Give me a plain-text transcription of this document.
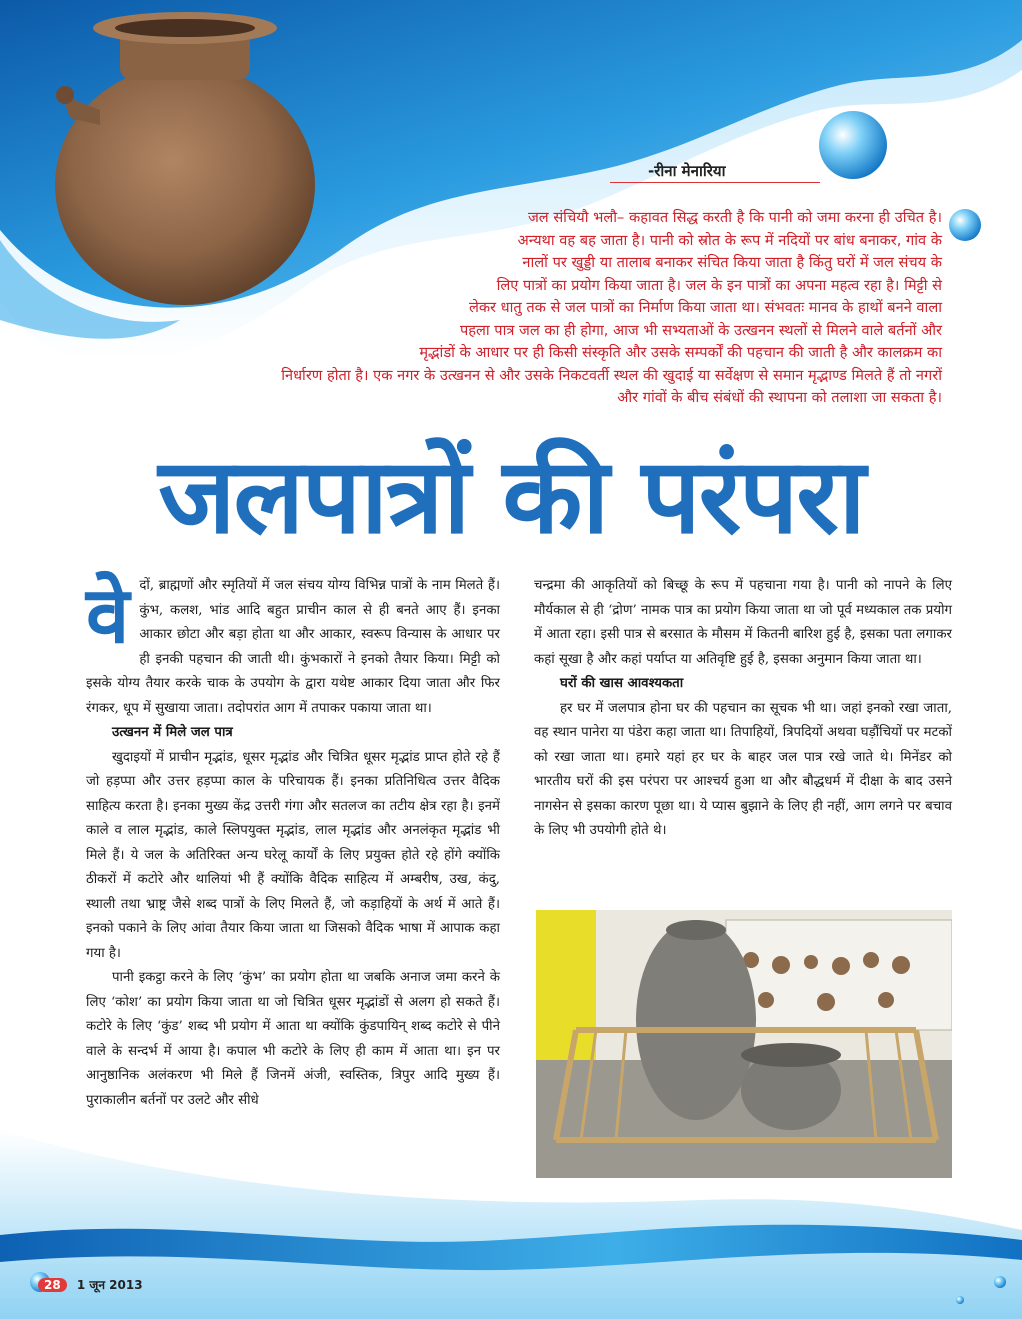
-रीना मेनारिया
जल संचियौ भलौ– कहावत सिद्ध करती है कि पानी को जमा करना ही उचित है।
अन्यथा वह बह जाता है। पानी को स्रोत के रूप में नदियों पर बांध बनाकर, गांव के
नालों पर खुड्डी या तालाब बनाकर संचित किया जाता है किंतु घरों में जल संचय के
लिए पात्रों का प्रयोग किया जाता है। जल के इन पात्रों का अपना महत्व रहा है। मिट्टी से
लेकर धातु तक से जल पात्रों का निर्माण किया जाता था। संभवतः मानव के हाथों बनने वाला
पहला पात्र जल का ही होगा, आज भी सभ्यताओं के उत्खनन स्थलों से मिलने वाले बर्तनों और
मृद्भांडों के आधार पर ही किसी संस्कृति और उसके सम्पर्कों की पहचान की जाती है और कालक्रम का
निर्धारण होता है। एक नगर के उत्खनन से और उसके निकटवर्ती स्थल की खुदाई या सर्वेक्षण से समान मृद्भाण्ड मिलते हैं तो नगरों
और गांवों के बीच संबंधों की स्थापना को तलाशा जा सकता है।
जलपात्रों की परंपरा
वे दों, ब्राह्मणों और स्मृतियों में जल संचय योग्य विभिन्न पात्रों के नाम मिलते हैं। कुंभ, कलश, भांड आदि बहुत प्राचीन काल से ही बनते आए हैं। इनका आकार छोटा और बड़ा होता था और आकार, स्वरूप विन्यास के आधार पर ही इनकी पहचान की जाती थी। कुंभकारों ने इनको तैयार किया। मिट्टी को इसके योग्य तैयार करके चाक के उपयोग के द्वारा यथेष्ट आकार दिया जाता और फिर रंगकर, धूप में सुखाया जाता। तदोपरांत आग में तपाकर पकाया जाता था।

उत्खनन में मिले जल पात्र

खुदाइयों में प्राचीन मृद्भांड, धूसर मृद्भांड और चित्रित धूसर मृद्भांड प्राप्त होते रहे हैं जो हड़प्पा और उत्तर हड़प्पा काल के परिचायक हैं। इनका प्रतिनिधित्व उत्तर वैदिक साहित्य करता है। इनका मुख्य केंद्र उत्तरी गंगा और सतलज का तटीय क्षेत्र रहा है। इनमें काले व लाल मृद्भांड, काले स्लिपयुक्त मृद्भांड, लाल मृद्भांड और अनलंकृत मृद्भांड भी मिले हैं। ये जल के अतिरिक्त अन्य घरेलू कार्यों के लिए प्रयुक्त होते रहे होंगे क्योंकि ठीकरों में कटोरे और थालियां भी हैं क्योंकि वैदिक साहित्य में अम्बरीष, उख, कंदु, स्थाली तथा भ्राष्ट्र जैसे शब्द पात्रों के लिए मिलते हैं, जो कड़ाहियों के अर्थ में आते हैं। इनको पकाने के लिए आंवा तैयार किया जाता था जिसको वैदिक भाषा में आपाक कहा गया है।

पानी इकट्ठा करने के लिए ‘कुंभ’ का प्रयोग होता था जबकि अनाज जमा करने के लिए ‘कोश’ का प्रयोग किया जाता था जो चित्रित धूसर मृद्भांडों से अलग हो सकते हैं। कटोरे के लिए ‘कुंड’ शब्द भी प्रयोग में आता था क्योंकि कुंडपायिन् शब्द कटोरे से पीने वाले के सन्दर्भ में आया है। कपाल भी कटोरे के लिए ही काम में आता था। इन पर आनुष्ठानिक अलंकरण भी मिले हैं जिनमें अंजी, स्वस्तिक, त्रिपुर आदि मुख्य हैं। पुराकालीन बर्तनों पर उलटे और सीधे

चन्द्रमा की आकृतियों को बिच्छू के रूप में पहचाना गया है। पानी को नापने के लिए मौर्यकाल से ही ‘द्रोण’ नामक पात्र का प्रयोग किया जाता था जो पूर्व मध्यकाल तक प्रयोग में आता रहा। इसी पात्र से बरसात के मौसम में कितनी बारिश हुई है, इसका पता लगाकर कहां सूखा है और कहां पर्याप्त या अतिवृष्टि हुई है, इसका अनुमान किया जाता था।

घरों की खास आवश्यकता

हर घर में जलपात्र होना घर की पहचान का सूचक भी था। जहां इनको रखा जाता, वह स्थान पानेरा या पंडेरा कहा जाता था। तिपाहियों, त्रिपदियों अथवा घड़ौंचियों पर मटकों को रखा जाता था। हमारे यहां हर घर के बाहर जल पात्र रखे जाते थे। मिनेंडर को भारतीय घरों की इस परंपरा पर आश्चर्य हुआ था और बौद्धधर्म में दीक्षा के बाद उसने नागसेन से इसका कारण पूछा था। ये प्यास बुझाने के लिए ही नहीं, आग लगने पर बचाव के लिए भी उपयोगी होते थे।

28 1 जून 2013
